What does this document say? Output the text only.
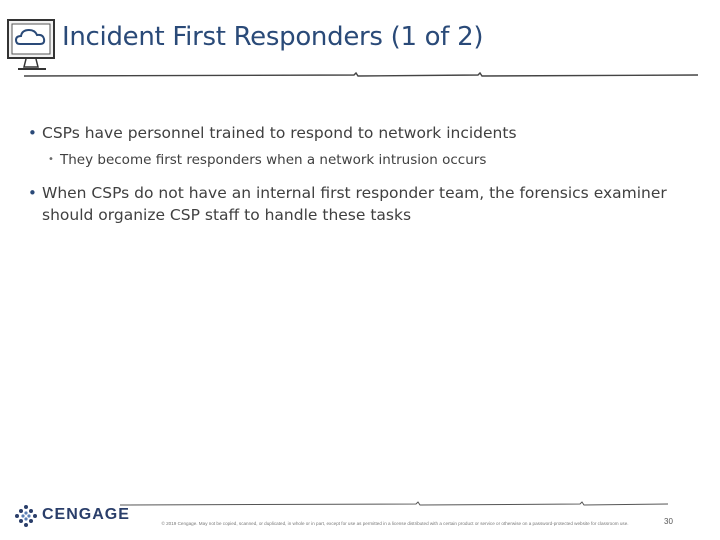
Incident First Responders (1 of 2)
• CSPs have personnel trained to respond to network incidents
• They become first responders when a network intrusion occurs
• When CSPs do not have an internal first responder team, the forensics examiner should organize CSP staff to handle these tasks
CENGAGE
© 2019 Cengage. May not be copied, scanned, or duplicated, in whole or in part, except for use as permitted in a license distributed with a certain product or service or otherwise on a password-protected website for classroom use.	30
